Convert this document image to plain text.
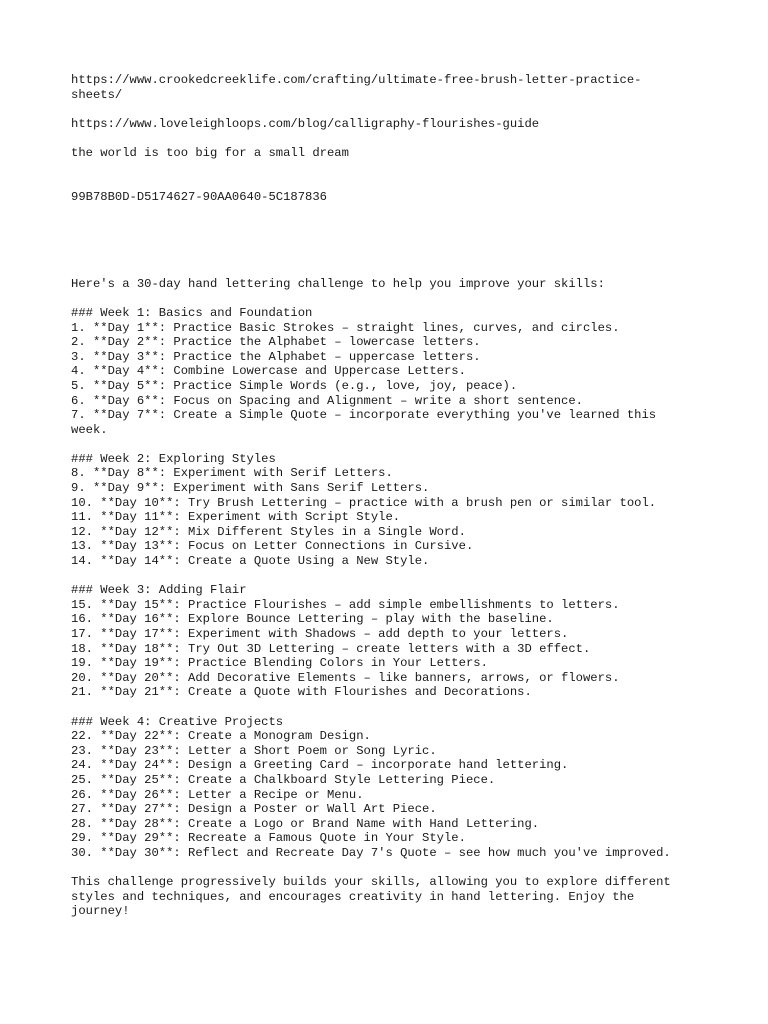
https://www.crookedcreeklife.com/crafting/ultimate-free-brush-letter-practice-
sheets/
https://www.loveleighloops.com/blog/calligraphy-flourishes-guide
the world is too big for a small dream
99B78B0D-D5174627-90AA0640-5C187836
Here's a 30-day hand lettering challenge to help you improve your skills:
### Week 1: Basics and Foundation
1. **Day 1**: Practice Basic Strokes – straight lines, curves, and circles.
2. **Day 2**: Practice the Alphabet – lowercase letters.
3. **Day 3**: Practice the Alphabet – uppercase letters.
4. **Day 4**: Combine Lowercase and Uppercase Letters.
5. **Day 5**: Practice Simple Words (e.g., love, joy, peace).
6. **Day 6**: Focus on Spacing and Alignment – write a short sentence.
7. **Day 7**: Create a Simple Quote – incorporate everything you've learned this
week.
### Week 2: Exploring Styles
8. **Day 8**: Experiment with Serif Letters.
9. **Day 9**: Experiment with Sans Serif Letters.
10. **Day 10**: Try Brush Lettering – practice with a brush pen or similar tool.
11. **Day 11**: Experiment with Script Style.
12. **Day 12**: Mix Different Styles in a Single Word.
13. **Day 13**: Focus on Letter Connections in Cursive.
14. **Day 14**: Create a Quote Using a New Style.
### Week 3: Adding Flair
15. **Day 15**: Practice Flourishes – add simple embellishments to letters.
16. **Day 16**: Explore Bounce Lettering – play with the baseline.
17. **Day 17**: Experiment with Shadows – add depth to your letters.
18. **Day 18**: Try Out 3D Lettering – create letters with a 3D effect.
19. **Day 19**: Practice Blending Colors in Your Letters.
20. **Day 20**: Add Decorative Elements – like banners, arrows, or flowers.
21. **Day 21**: Create a Quote with Flourishes and Decorations.
### Week 4: Creative Projects
22. **Day 22**: Create a Monogram Design.
23. **Day 23**: Letter a Short Poem or Song Lyric.
24. **Day 24**: Design a Greeting Card – incorporate hand lettering.
25. **Day 25**: Create a Chalkboard Style Lettering Piece.
26. **Day 26**: Letter a Recipe or Menu.
27. **Day 27**: Design a Poster or Wall Art Piece.
28. **Day 28**: Create a Logo or Brand Name with Hand Lettering.
29. **Day 29**: Recreate a Famous Quote in Your Style.
30. **Day 30**: Reflect and Recreate Day 7's Quote – see how much you've improved.
This challenge progressively builds your skills, allowing you to explore different
styles and techniques, and encourages creativity in hand lettering. Enjoy the
journey!
